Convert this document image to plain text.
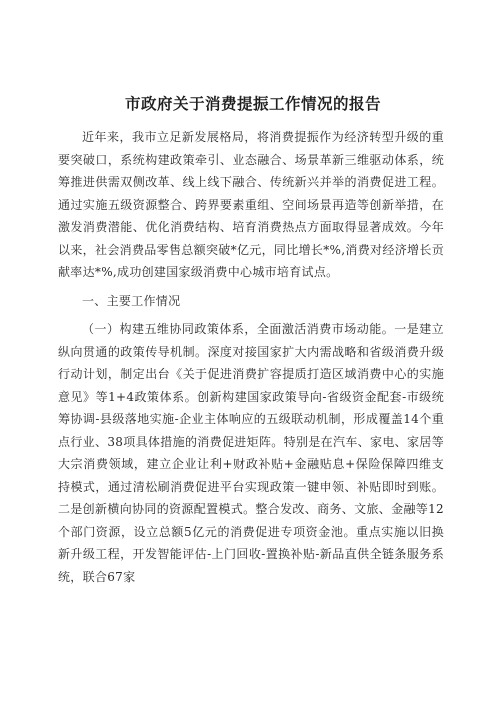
市政府关于消费提振工作情况的报告

近年来，我市立足新发展格局，将消费提振作为经济转型升级的重要突破口，系统构建政策牵引、业态融合、场景革新三维驱动体系，统筹推进供需双侧改革、线上线下融合、传统新兴并举的消费促进工程。通过实施五级资源整合、跨界要素重组、空间场景再造等创新举措，在激发消费潜能、优化消费结构、培育消费热点方面取得显著成效。今年以来，社会消费品零售总额突破*亿元，同比增长*%,消费对经济增长贡献率达*%,成功创建国家级消费中心城市培育试点。

一、主要工作情况

（一）构建五维协同政策体系，全面激活消费市场动能。一是建立纵向贯通的政策传导机制。深度对接国家扩大内需战略和省级消费升级行动计划，制定出台《关于促进消费扩容提质打造区域消费中心的实施意见》等1+4政策体系。创新构建国家政策导向-省级资金配套-市级统筹协调-县级落地实施-企业主体响应的五级联动机制，形成覆盖14个重点行业、38项具体措施的消费促进矩阵。特别是在汽车、家电、家居等大宗消费领域，建立企业让利+财政补贴+金融贴息+保险保障四维支持模式，通过清松刷消费促进平台实现政策一键申领、补贴即时到账。二是创新横向协同的资源配置模式。整合发改、商务、文旅、金融等12个部门资源，设立总额5亿元的消费促进专项资金池。重点实施以旧换新升级工程，开发智能评估-上门回收-置换补贴-新品直供全链条服务系统，联合67家
